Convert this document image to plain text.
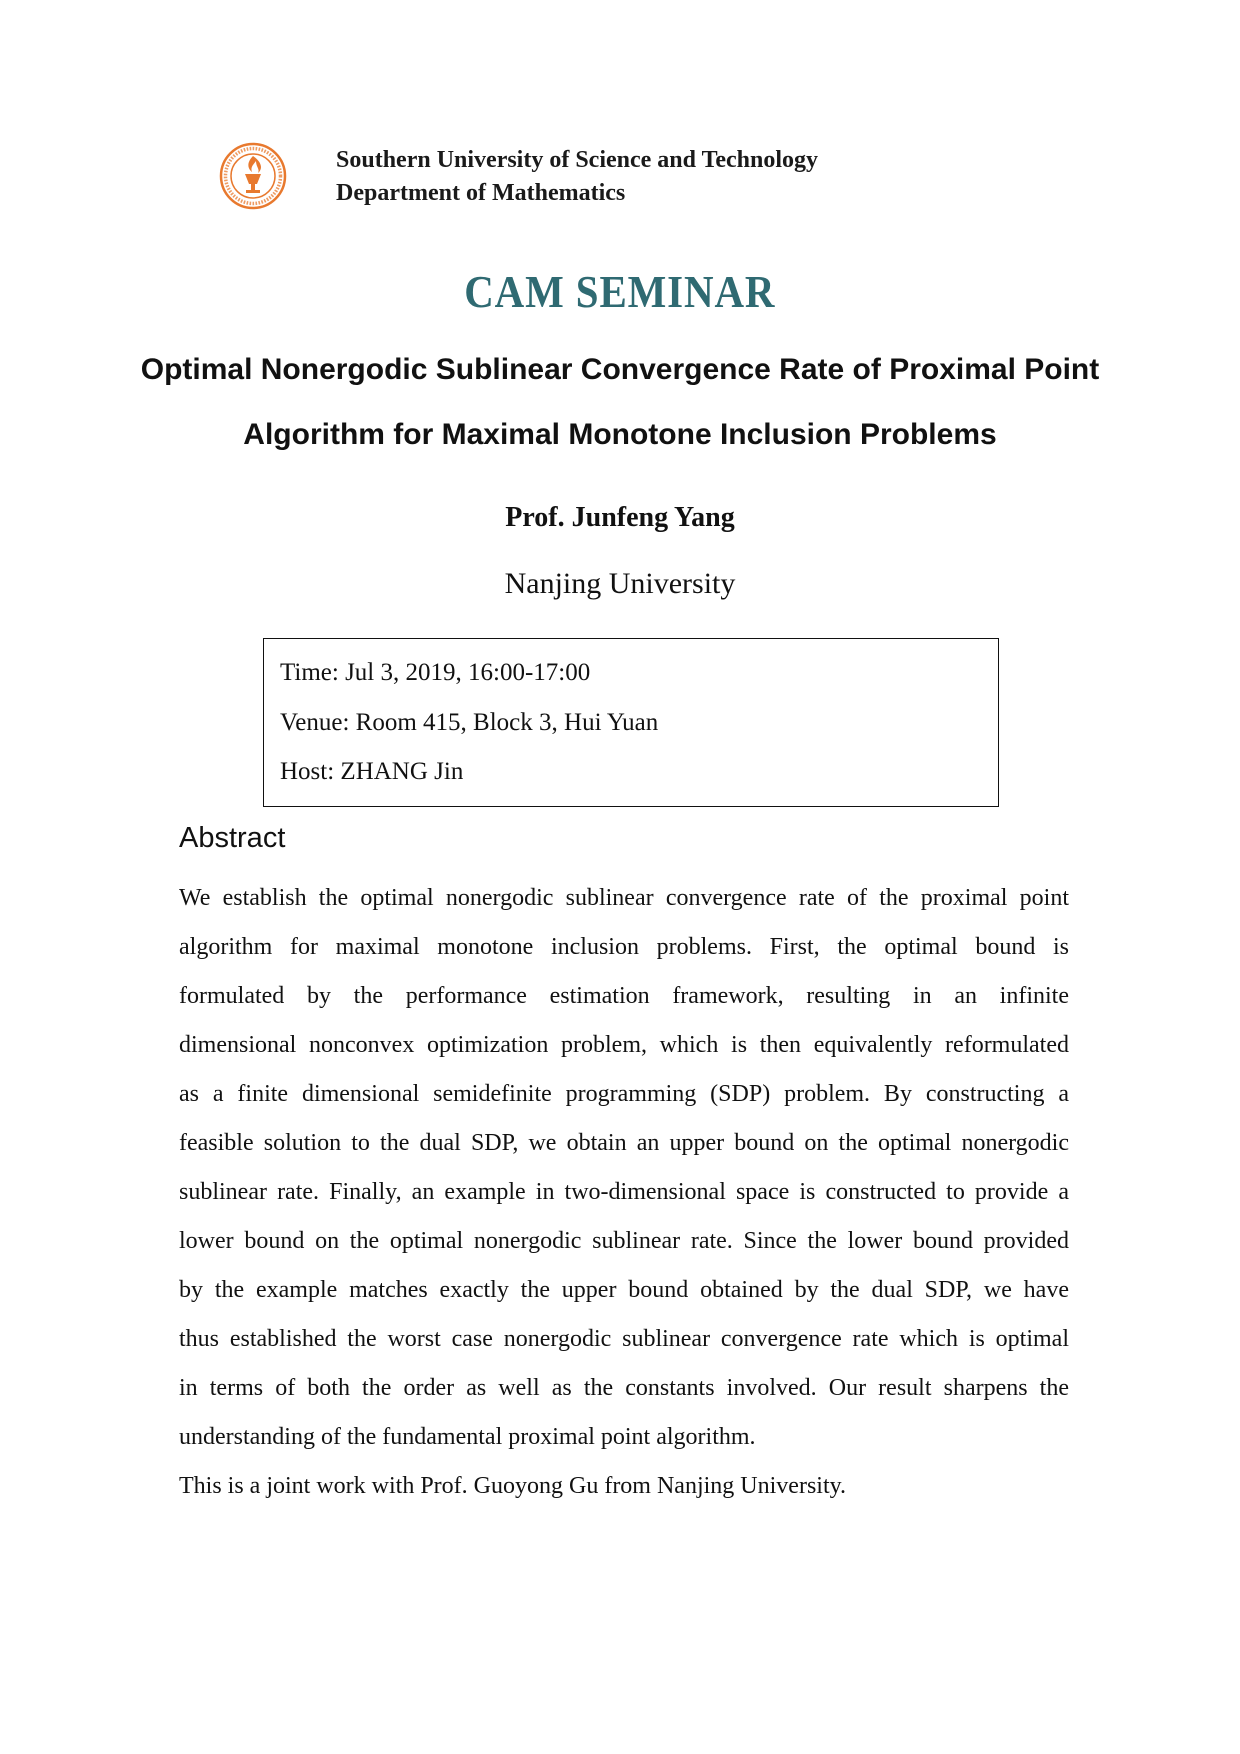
Southern University of Science and Technology
Department of Mathematics
CAM SEMINAR
Optimal Nonergodic Sublinear Convergence Rate of Proximal Point
Algorithm for Maximal Monotone Inclusion Problems
Prof. Junfeng Yang
Nanjing University
Time: Jul 3, 2019, 16:00-17:00
Venue: Room 415, Block 3, Hui Yuan
Host: ZHANG Jin
Abstract
We establish the optimal nonergodic sublinear convergence rate of the proximal point
algorithm for maximal monotone inclusion problems. First, the optimal bound is
formulated by the performance estimation framework, resulting in an infinite
dimensional nonconvex optimization problem, which is then equivalently reformulated
as a finite dimensional semidefinite programming (SDP) problem. By constructing a
feasible solution to the dual SDP, we obtain an upper bound on the optimal nonergodic
sublinear rate. Finally, an example in two-dimensional space is constructed to provide a
lower bound on the optimal nonergodic sublinear rate. Since the lower bound provided
by the example matches exactly the upper bound obtained by the dual SDP, we have
thus established the worst case nonergodic sublinear convergence rate which is optimal
in terms of both the order as well as the constants involved. Our result sharpens the
understanding of the fundamental proximal point algorithm.
This is a joint work with Prof. Guoyong Gu from Nanjing University.
